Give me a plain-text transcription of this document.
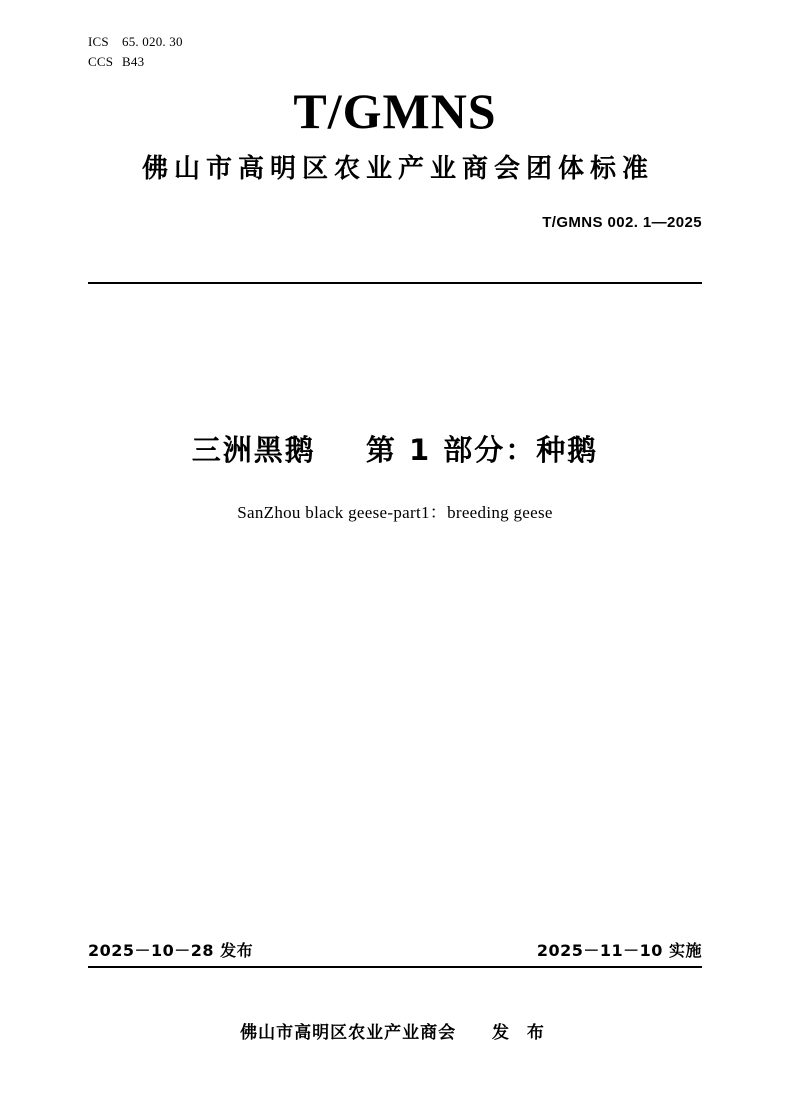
ICS	65. 020. 30
CCS B43
T/GMNS
佛山市高明区农业产业商会团体标准
T/GMNS 002. 1—2025
三洲黑鹅 第 1 部分：种鹅
SanZhou black geese-part1：breeding geese
2025－10－28 发布	2025－11－10 实施
佛山市高明区农业产业商会 发 布
